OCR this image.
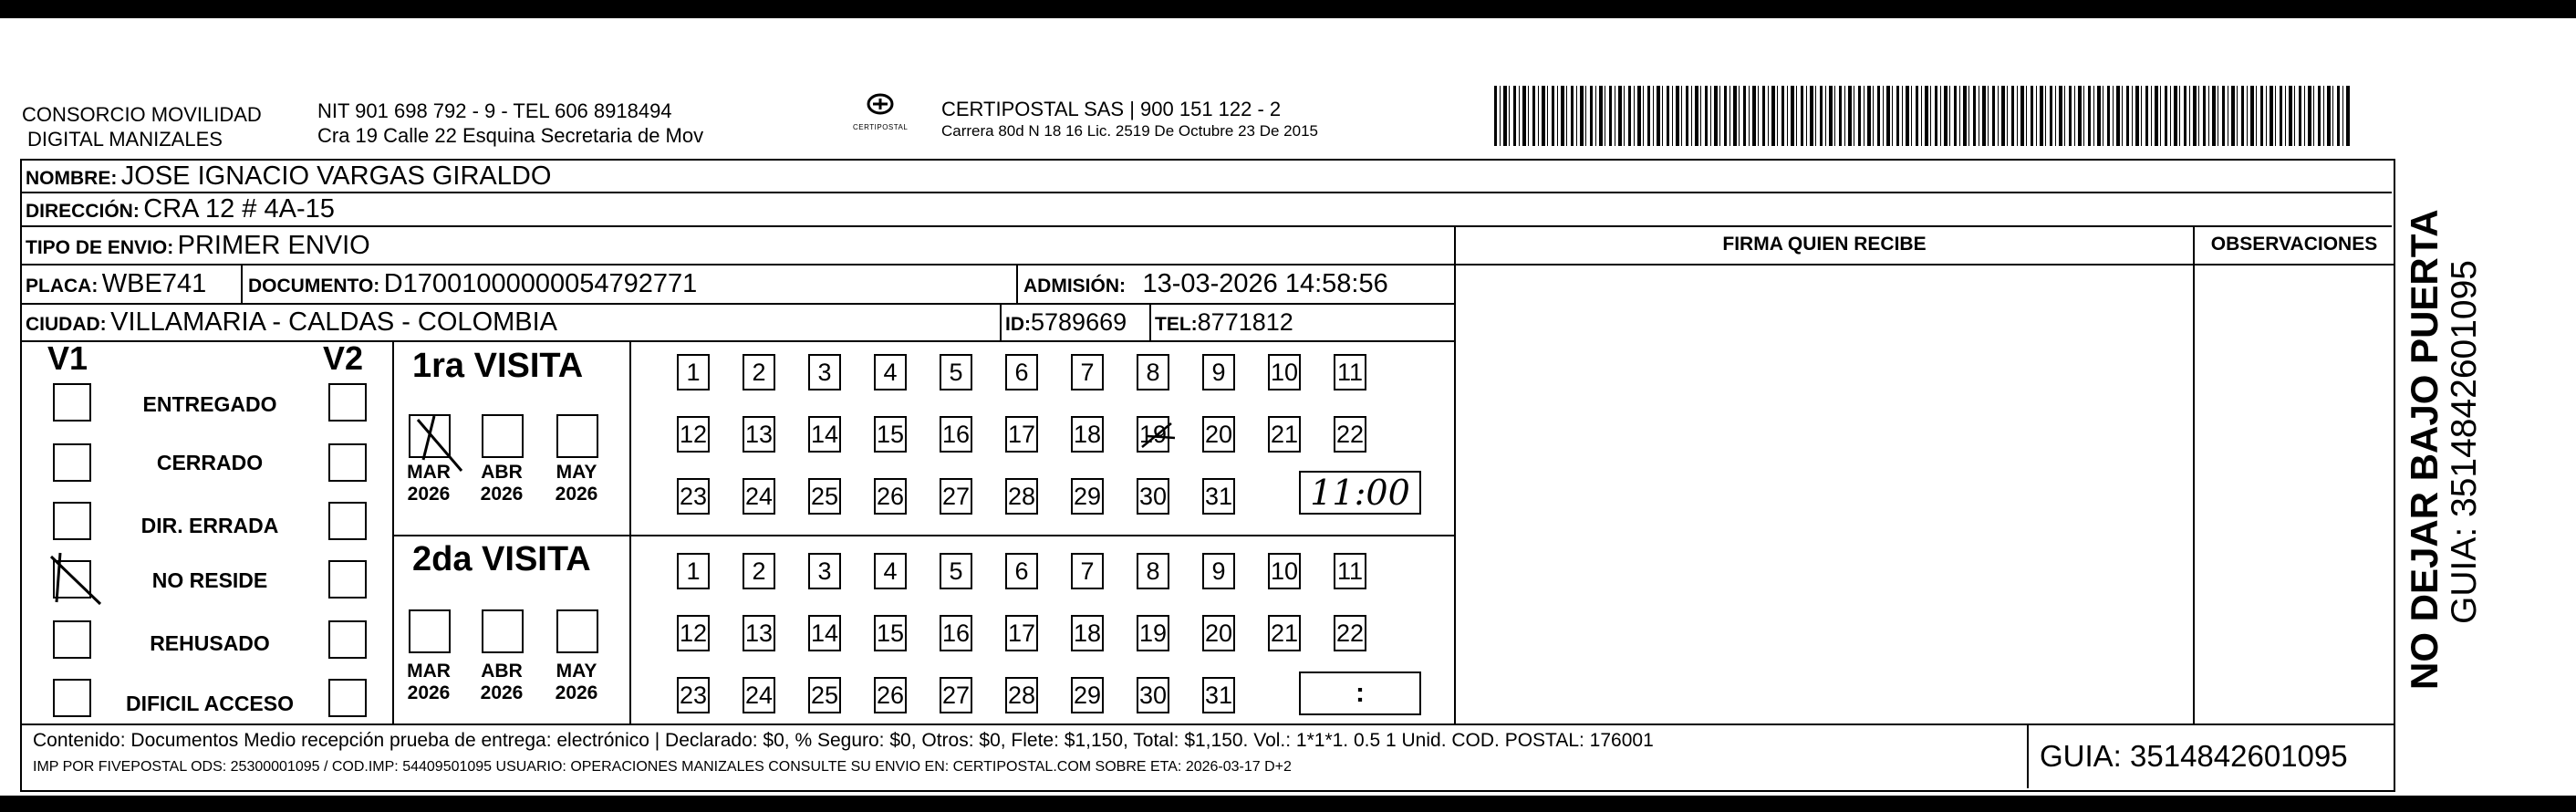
CONSORCIO MOVILIDAD
DIGITAL MANIZALES
NIT 901 698 792 - 9 - TEL 606 8918494
Cra 19 Calle 22 Esquina Secretaria de Mov	CERTIPOSTAL
CERTIPOSTAL SAS | 900 151 122 - 2
Carrera 80d N 18 16 Lic. 2519 De Octubre 23 De 2015
FIRMA QUIEN RECIBE	OBSERVACIONES
NOMBRE: JOSE IGNACIO VARGAS GIRALDO
DIRECCIÓN: CRA 12 # 4A-15
TIPO DE ENVIO: PRIMER ENVIO
PLACA: WBE741 DOCUMENTO: D17001000000054792771	ADMISIÓN: 13-03-2026 14:58:56
CIUDAD: VILLAMARIA - CALDAS - COLOMBIA	ID:5789669 TEL:8771812
V1	V2
ENTREGADO
CERRADO
DIR. ERRADA
NO RESIDE
REHUSADO
DIFICIL ACCESO
1ra VISITA
MAR
2026
ABR
2026
MAY
2026
1	2	3	4	5	6	7	8	9	10 11
12 13 14 15 16 17 18 19 20 21 22
23 24 25 26 27 28 29 30 31	11:00
2da VISITA
MAR
2026
ABR
2026
MAY
2026
1	2	3	4	5	6	7	8	9	10 11
12 13 14 15 16 17 18 19 20 21 22
23 24 25 26 27 28 29 30 31	:
Contenido: Documentos Medio recepción prueba de entrega: electrónico | Declarado: $0, % Seguro: $0, Otros: $0, Flete: $1,150, Total: $1,150. Vol.: 1*1*1. 0.5 1 Unid. COD. POSTAL: 176001
IMP POR FIVEPOSTAL ODS: 25300001095 / COD.IMP: 54409501095 USUARIO: OPERACIONES MANIZALES CONSULTE SU ENVIO EN: CERTIPOSTAL.COM SOBRE ETA: 2026-03-17 D+2	GUIA: 3514842601095
NO DEJAR BAJO PUERTA GUIA: 3514842601095
